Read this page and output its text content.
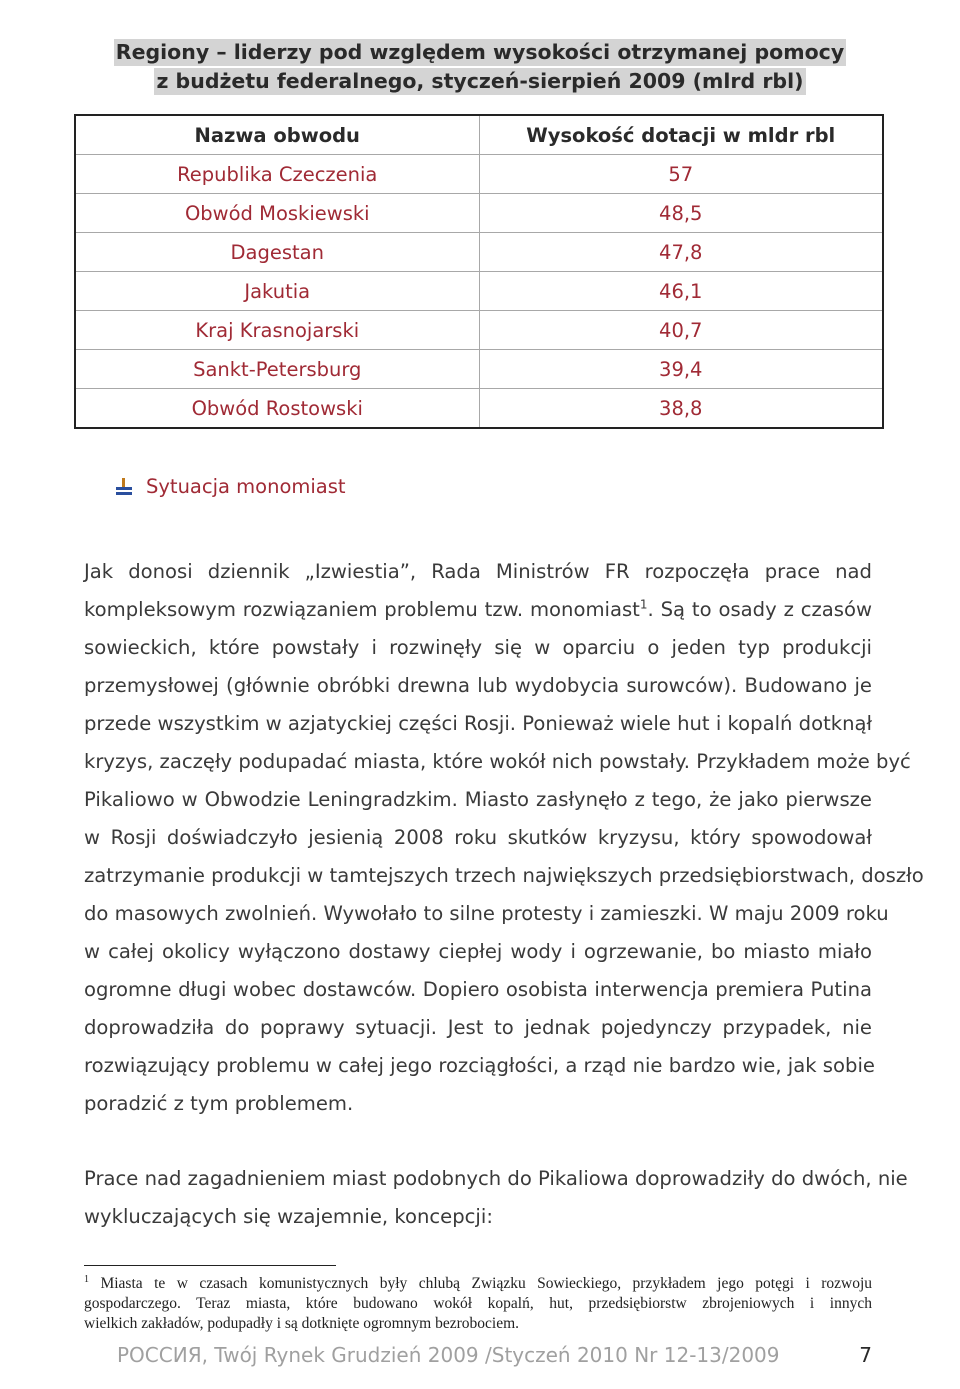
Regiony – liderzy pod względem wysokości otrzymanej pomocy
z budżetu federalnego, styczeń-sierpień 2009 (mlrd rbl)
Nazwa obwodu	Wysokość dotacji w mldr rbl
Republika Czeczenia	57
Obwód Moskiewski	48,5
Dagestan	47,8
Jakutia	46,1
Kraj Krasnojarski	40,7
Sankt-Petersburg	39,4
Obwód Rostowski	38,8
Sytuacja monomiast
Jak donosi dziennik „Izwiestia”, Rada Ministrów FR rozpoczęła prace nad
kompleksowym rozwiązaniem problemu tzw. monomiast$^1$. Są to osady z czasów
sowieckich, które powstały i rozwinęły się w oparciu o jeden typ produkcji
przemysłowej (głównie obróbki drewna lub wydobycia surowców). Budowano je
przede wszystkim w azjatyckiej części Rosji. Ponieważ wiele hut i kopalń dotknął
kryzys, zaczęły podupadać miasta, które wokół nich powstały. Przykładem może być
Pikaliowo w Obwodzie Leningradzkim. Miasto zasłynęło z tego, że jako pierwsze
w Rosji doświadczyło jesienią 2008 roku skutków kryzysu, który spowodował
zatrzymanie produkcji w tamtejszych trzech największych przedsiębiorstwach, doszło
do masowych zwolnień. Wywołało to silne protesty i zamieszki. W maju 2009 roku
w całej okolicy wyłączono dostawy ciepłej wody i ogrzewanie, bo miasto miało
ogromne długi wobec dostawców. Dopiero osobista interwencja premiera Putina
doprowadziła do poprawy sytuacji. Jest to jednak pojedynczy przypadek, nie
rozwiązujący problemu w całej jego rozciągłości, a rząd nie bardzo wie, jak sobie
poradzić z tym problemem.
Prace nad zagadnieniem miast podobnych do Pikaliowa doprowadziły do dwóch, nie
wykluczających się wzajemnie, koncepcji:
$^1$ Miasta te w czasach komunistycznych były chlubą Związku Sowieckiego, przykładem jego potęgi i rozwoju
gospodarczego. Teraz miasta, które budowano wokół kopalń, hut, przedsiębiorstw zbrojeniowych i innych
wielkich zakładów, podupadły i są dotknięte ogromnym bezrobociem.
РОССИЯ, Twój Rynek Grudzień 2009 /Styczeń 2010 Nr 12-13/2009	7
